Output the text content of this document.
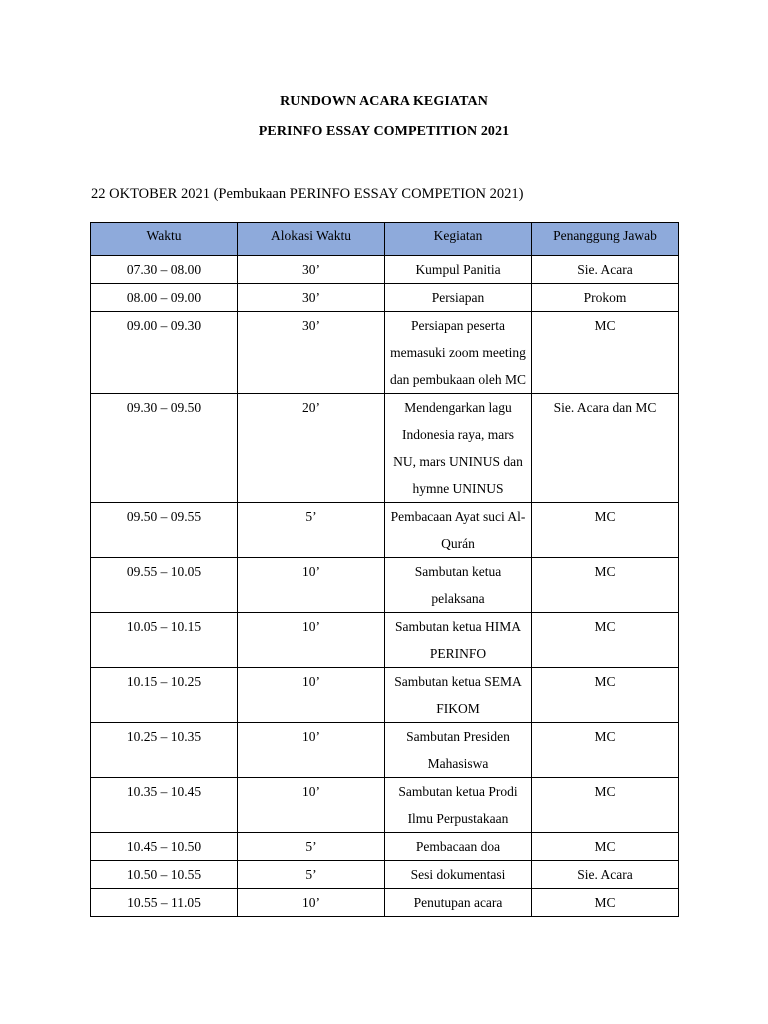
RUNDOWN ACARA KEGIATAN
PERINFO ESSAY COMPETITION 2021
22 OKTOBER 2021 (Pembukaan PERINFO ESSAY COMPETION 2021)
Waktu	Alokasi Waktu	Kegiatan	Penanggung Jawab
07.30 – 08.00	30’	Kumpul Panitia	Sie. Acara
08.00 – 09.00	30’	Persiapan	Prokom
09.00 – 09.30	30’	Persiapan peserta memasuki zoom meeting dan pembukaan oleh MC	MC
09.30 – 09.50	20’	Mendengarkan lagu Indonesia raya, mars NU, mars UNINUS dan hymne UNINUS	Sie. Acara dan MC
09.50 – 09.55	5’	Pembacaan Ayat suci Al-Qurán	MC
09.55 – 10.05	10’	Sambutan ketua pelaksana	MC
10.05 – 10.15	10’	Sambutan ketua HIMA PERINFO	MC
10.15 – 10.25	10’	Sambutan ketua SEMA FIKOM	MC
10.25 – 10.35	10’	Sambutan Presiden Mahasiswa	MC
10.35 – 10.45	10’	Sambutan ketua Prodi Ilmu Perpustakaan	MC
10.45 – 10.50	5’	Pembacaan doa	MC
10.50 – 10.55	5’	Sesi dokumentasi	Sie. Acara
10.55 – 11.05	10’	Penutupan acara	MC
